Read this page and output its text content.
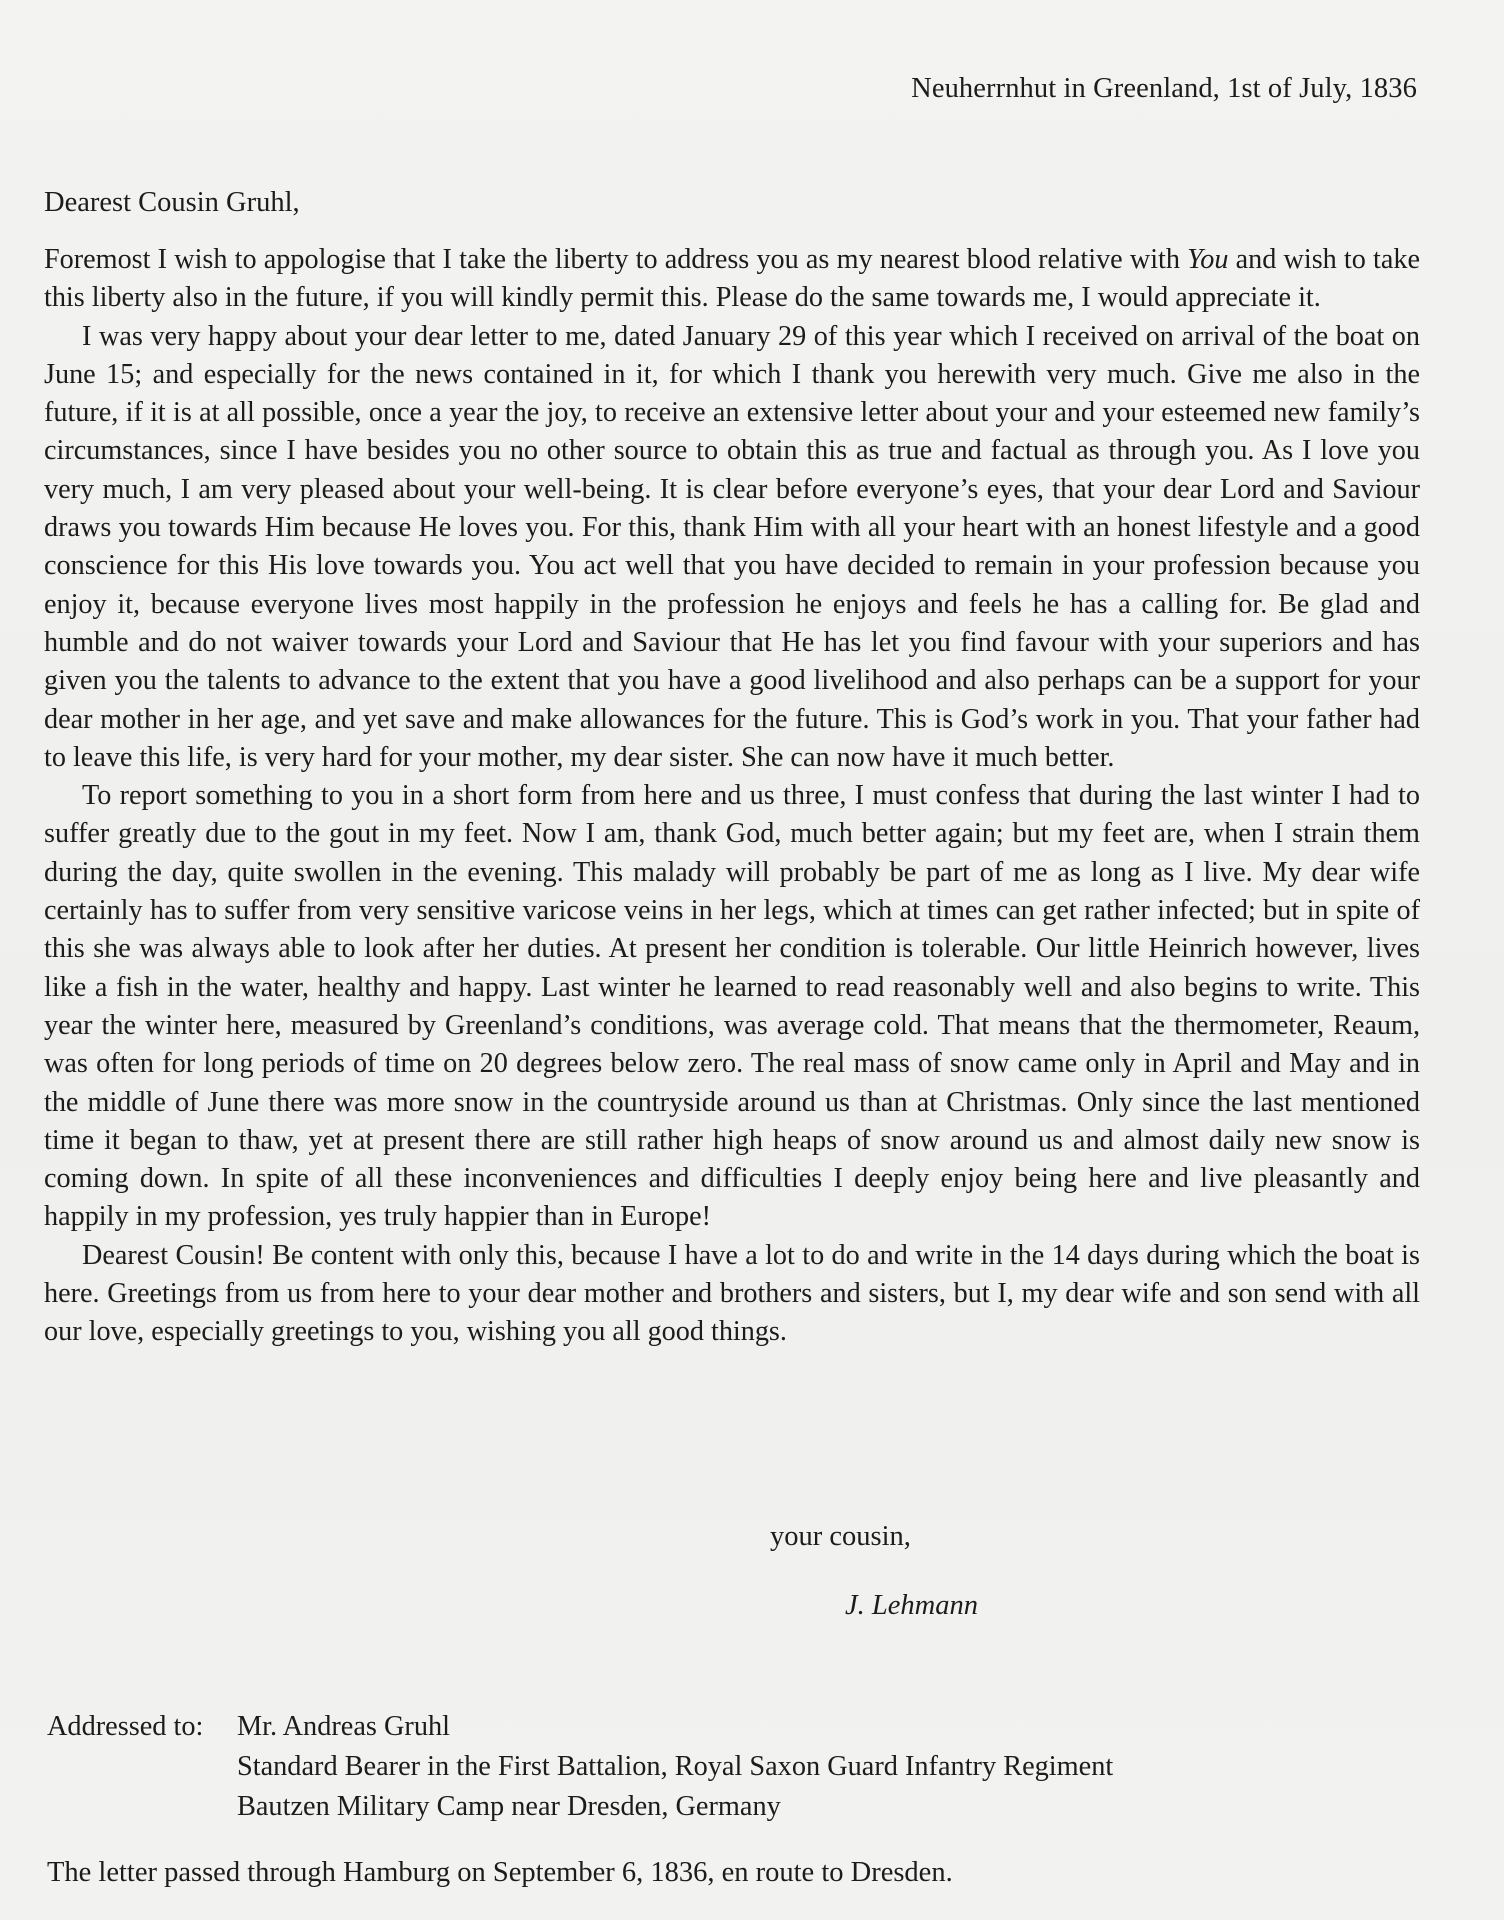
Neuherrnhut in Greenland, 1st of July, 1836
Dearest Cousin Gruhl,

Foremost I wish to appologise that I take the liberty to address you as my nearest blood relative with You and wish to take this liberty also in the future, if you will kindly permit this. Please do the same towards me, I would appreciate it.

I was very happy about your dear letter to me, dated January 29 of this year which I received on arrival of the boat on June 15; and especially for the news contained in it, for which I thank you herewith very much. Give me also in the future, if it is at all possible, once a year the joy, to receive an extensive letter about your and your esteemed new family’s circumstances, since I have besides you no other source to obtain this as true and factual as through you. As I love you very much, I am very pleased about your well-being. It is clear before everyone’s eyes, that your dear Lord and Saviour draws you towards Him because He loves you. For this, thank Him with all your heart with an honest lifestyle and a good conscience for this His love towards you. You act well that you have decided to remain in your profession because you enjoy it, because everyone lives most happily in the profession he enjoys and feels he has a calling for. Be glad and humble and do not waiver towards your Lord and Saviour that He has let you find favour with your superiors and has given you the talents to advance to the extent that you have a good livelihood and also perhaps can be a support for your dear mother in her age, and yet save and make allowances for the future. This is God’s work in you. That your father had to leave this life, is very hard for your mother, my dear sister. She can now have it much better.

To report something to you in a short form from here and us three, I must confess that during the last winter I had to suffer greatly due to the gout in my feet. Now I am, thank God, much better again; but my feet are, when I strain them during the day, quite swollen in the evening. This malady will probably be part of me as long as I live. My dear wife certainly has to suffer from very sensitive varicose veins in her legs, which at times can get rather infected; but in spite of this she was always able to look after her duties. At present her condition is tolerable. Our little Heinrich however, lives like a fish in the water, healthy and happy. Last winter he learned to read reasonably well and also begins to write. This year the winter here, measured by Greenland’s conditions, was average cold. That means that the thermometer, Reaum, was often for long periods of time on 20 degrees below zero. The real mass of snow came only in April and May and in the middle of June there was more snow in the countryside around us than at Christmas. Only since the last mentioned time it began to thaw, yet at present there are still rather high heaps of snow around us and almost daily new snow is coming down. In spite of all these inconveniences and difficulties I deeply enjoy being here and live pleasantly and happily in my profession, yes truly happier than in Europe!

Dearest Cousin! Be content with only this, because I have a lot to do and write in the 14 days during which the boat is here. Greetings from us from here to your dear mother and brothers and sisters, but I, my dear wife and son send with all our love, especially greetings to you, wishing you all good things.

your cousin,
J. Lehmann
Addressed to: Mr. Andreas Gruhl
Standard Bearer in the First Battalion, Royal Saxon Guard Infantry Regiment
Bautzen Military Camp near Dresden, Germany
The letter passed through Hamburg on September 6, 1836, en route to Dresden.
